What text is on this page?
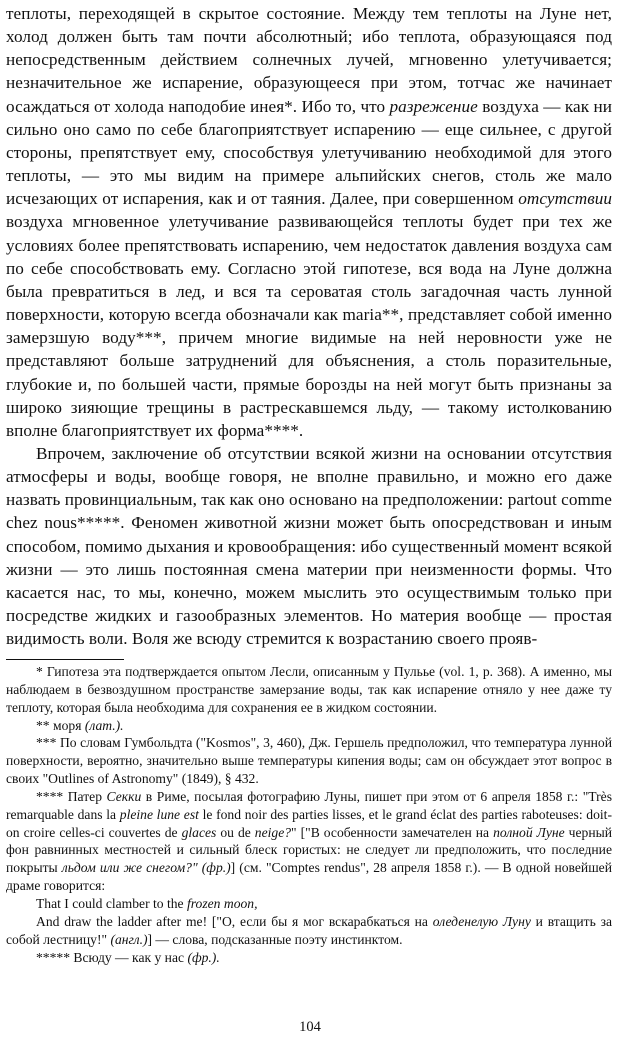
теплоты, переходящей в скрытое состояние. Между тем теплоты на Луне нет, холод должен быть там почти абсолютный; ибо теплота, образующаяся под непосредственным действием солнечных лучей, мгновенно улетучивается; незначительное же испарение, образующееся при этом, тотчас же начинает осаждаться от холода наподобие инея*. Ибо то, что разрежение воздуха — как ни сильно оно само по себе благоприятствует испарению — еще сильнее, с другой стороны, препятствует ему, способствуя улетучиванию необходимой для этого теплоты, — это мы видим на примере альпийских снегов, столь же мало исчезающих от испарения, как и от таяния. Далее, при совершенном отсутствии воздуха мгновенное улетучивание развивающейся теплоты будет при тех же условиях более препятствовать испарению, чем недостаток давления воздуха сам по себе способствовать ему. Согласно этой гипотезе, вся вода на Луне должна была превратиться в лед, и вся та сероватая столь загадочная часть лунной поверхности, которую всегда обозначали как maria**, представляет собой именно замерзшую воду***, причем многие видимые на ней неровности уже не представляют больше затруднений для объяснения, а столь поразительные, глубокие и, по большей части, прямые борозды на ней могут быть признаны за широко зияющие трещины в растрескавшемся льду, — такому истолкованию вполне благоприятствует их форма****.

Впрочем, заключение об отсутствии всякой жизни на основании отсутствия атмосферы и воды, вообще говоря, не вполне правильно, и можно его даже назвать провинциальным, так как оно основано на предположении: partout comme chez nous*****. Феномен животной жизни может быть опосредствован и иным способом, помимо дыхания и кровообращения: ибо существенный момент всякой жизни — это лишь постоянная смена материи при неизменности формы. Что касается нас, то мы, конечно, можем мыслить это осуществимым только при посредстве жидких и газообразных элементов. Но материя вообще — простая видимость воли. Воля же всюду стремится к возрастанию своего прояв-

* Гипотеза эта подтверждается опытом Лесли, описанным у Пульье (vol. 1, p. 368). А именно, мы наблюдаем в безвоздушном пространстве замерзание воды, так как испарение отняло у нее даже ту теплоту, которая была необходима для сохранения ее в жидком состоянии.

** моря (лат.).

*** По словам Гумбольдта ("Kosmos", 3, 460), Дж. Гершель предположил, что температура лунной поверхности, вероятно, значительно выше температуры кипения воды; сам он обсуждает этот вопрос в своих "Outlines of Astronomy" (1849), § 432.

**** Патер Секки в Риме, посылая фотографию Луны, пишет при этом от 6 апреля 1858 г.: "Très remarquable dans la pleine lune est le fond noir des parties lisses, et le grand éclat des parties raboteuses: doit-on croire celles-ci couvertes de glaces ou de neige?" ["В особенности замечателен на полной Луне черный фон равнинных местностей и сильный блеск гористых: не следует ли предположить, что последние покрыты льдом или же снегом?" (фр.)] (см. "Comptes rendus", 28 апреля 1858 г.). — В одной новейшей драме говорится:

That I could clamber to the frozen moon,

And draw the ladder after me! ["О, если бы я мог вскарабкаться на оледенелую Луну и втащить за собой лестницу!" (англ.)] — слова, подсказанные поэту инстинктом.

***** Всюду — как у нас (фр.).

104
